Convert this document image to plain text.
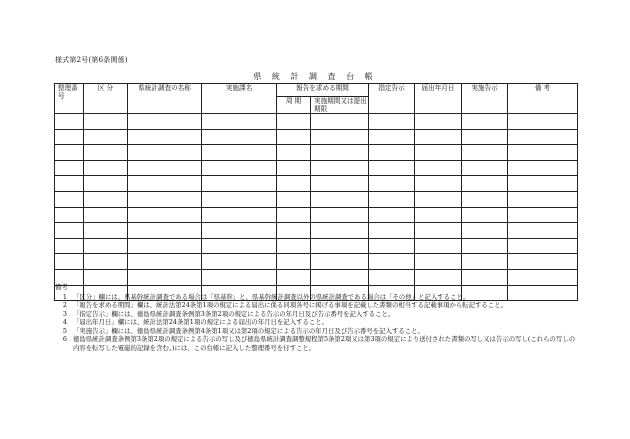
様式第2号(第6条関係)
県 統 計 調 査 台 帳
整理番号	区 分	県統計調査の名称	実施課名	報告を求める期間		指定告示	届出年月日	実施告示	備 考
				周 期	実施期間又は提出期限				

備考
1 「区分」欄には、県基幹統計調査である場合は「県基幹」と、県基幹統計調査以外の県統計調査である場合は「その他」と記入すること。
2 「報告を求める期間」欄は、統計法第24条第1項の規定による届出に係る同項各号に掲げる事項を記載した書類の相当する記載事項から転記すること。
3 「指定告示」欄には、徳島県統計調査条例第3条第2項の規定による告示の年月日及び告示番号を記入すること。
4 「届出年月日」欄には、統計法第24条第1項の規定による届出の年月日を記入すること。
5 「実施告示」欄には、徳島県統計調査条例第4条第1項又は第2項の規定による告示の年月日及び告示番号を記入すること。
6 徳島県統計調査条例第3条第2項の規定による告示の写し及び徳島県統計調査調整規程第5条第2項又は第3項の規定により送付された書類の写し又は告示の写し(これらの写しの内容を転写した電磁的記録を含む。)には、この台帳に記入した整理番号を付すこと。
